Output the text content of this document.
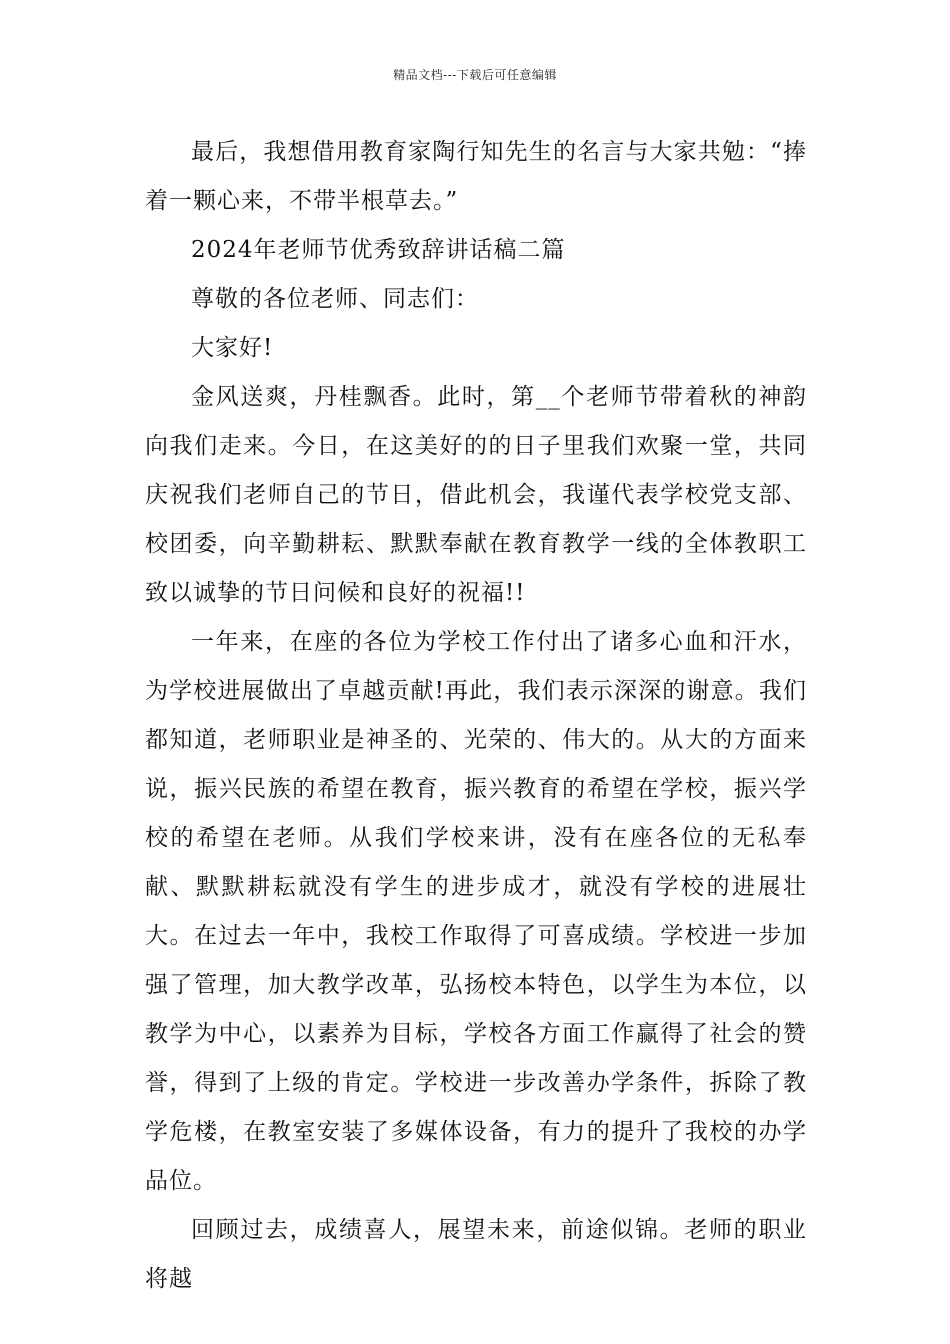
精品文档---下载后可任意编辑

最后，我想借用教育家陶行知先生的名言与大家共勉：“捧着一颗心来，不带半根草去。”

2024年老师节优秀致辞讲话稿二篇

尊敬的各位老师、同志们：

大家好!

金风送爽，丹桂飘香。此时，第__个老师节带着秋的神韵向我们走来。今日，在这美好的的日子里我们欢聚一堂，共同庆祝我们老师自己的节日，借此机会，我谨代表学校党支部、校团委，向辛勤耕耘、默默奉献在教育教学一线的全体教职工致以诚挚的节日问候和良好的祝福!!

一年来，在座的各位为学校工作付出了诸多心血和汗水，为学校进展做出了卓越贡献!再此，我们表示深深的谢意。我们都知道，老师职业是神圣的、光荣的、伟大的。从大的方面来说，振兴民族的希望在教育，振兴教育的希望在学校，振兴学校的希望在老师。从我们学校来讲，没有在座各位的无私奉献、默默耕耘就没有学生的进步成才，就没有学校的进展壮大。在过去一年中，我校工作取得了可喜成绩。学校进一步加强了管理，加大教学改革，弘扬校本特色，以学生为本位，以教学为中心，以素养为目标，学校各方面工作赢得了社会的赞誉，得到了上级的肯定。学校进一步改善办学条件，拆除了教学危楼，在教室安装了多媒体设备，有力的提升了我校的办学品位。

回顾过去，成绩喜人，展望未来，前途似锦。老师的职业将越
